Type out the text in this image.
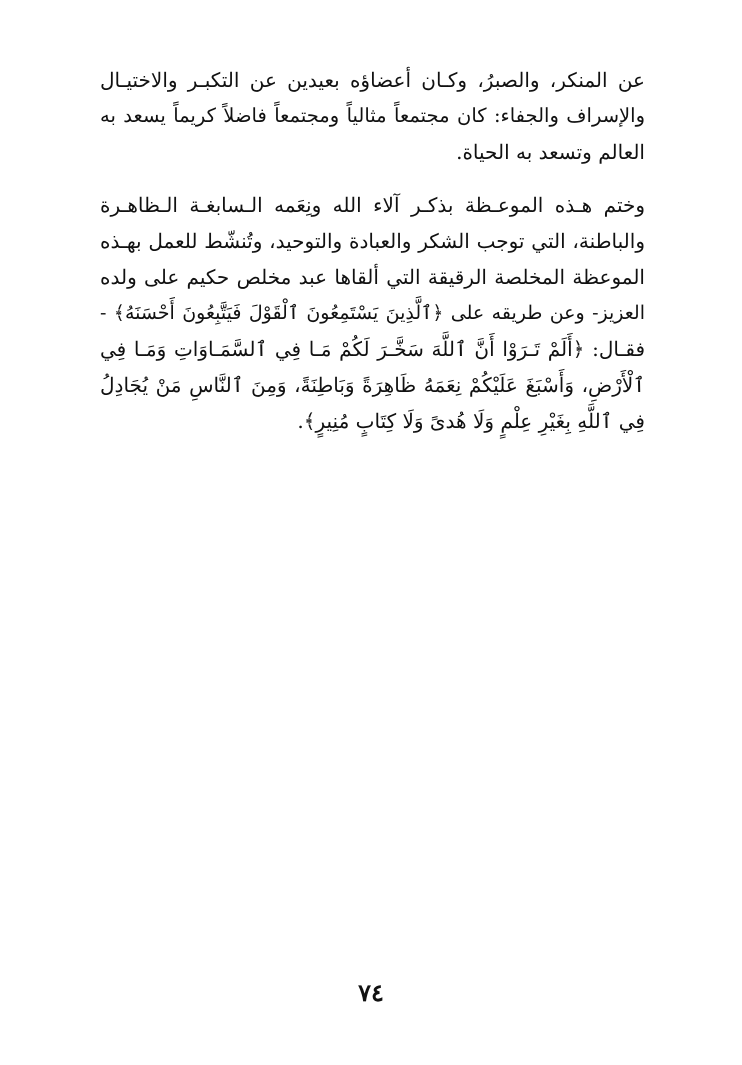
عن المنكر، والصبرُ، وكـان أعضاؤه بعيدين عن التكبـر والاختيـال
والإسراف والجفاء: كان مجتمعاً مثالياً ومجتمعاً فاضلاً كريماً يسعد به
العالم وتسعد به الحياة.
وختم هـذه الموعـظة بذكـر آلاء الله ونِعَمه الـسابغـة الـظاهـرة
والباطنة، التي توجب الشكر والعبادة والتوحيد، وتُنشّط للعمل بهـذه
الموعظة المخلصة الرقيقة التي ألقاها عبد مخلص حكيم على ولده
العزيز- وعن طريقه على ﴿ٱلَّذِينَ يَسْتَمِعُونَ ٱلْقَوْلَ فَيَتَّبِعُونَ أَحْسَنَهُ﴾ -
فقـال: ﴿أَلَمْ تَـرَوْا أَنَّ ٱللَّهَ سَخَّـرَ لَكُمْ مَـا فِي ٱلسَّمَـاوَاتِ وَمَـا فِي
ٱلْأَرْضِ، وَأَسْبَغَ عَلَيْكُمْ نِعَمَهُ ظَاهِرَةً وَبَاطِنَةً، وَمِنَ ٱلنَّاسِ مَنْ يُجَادِلُ
فِي ٱللَّهِ بِغَيْرِ عِلْمٍ وَلَا هُدىً وَلَا كِتَابٍ مُنِيرٍ﴾.
٧٤
